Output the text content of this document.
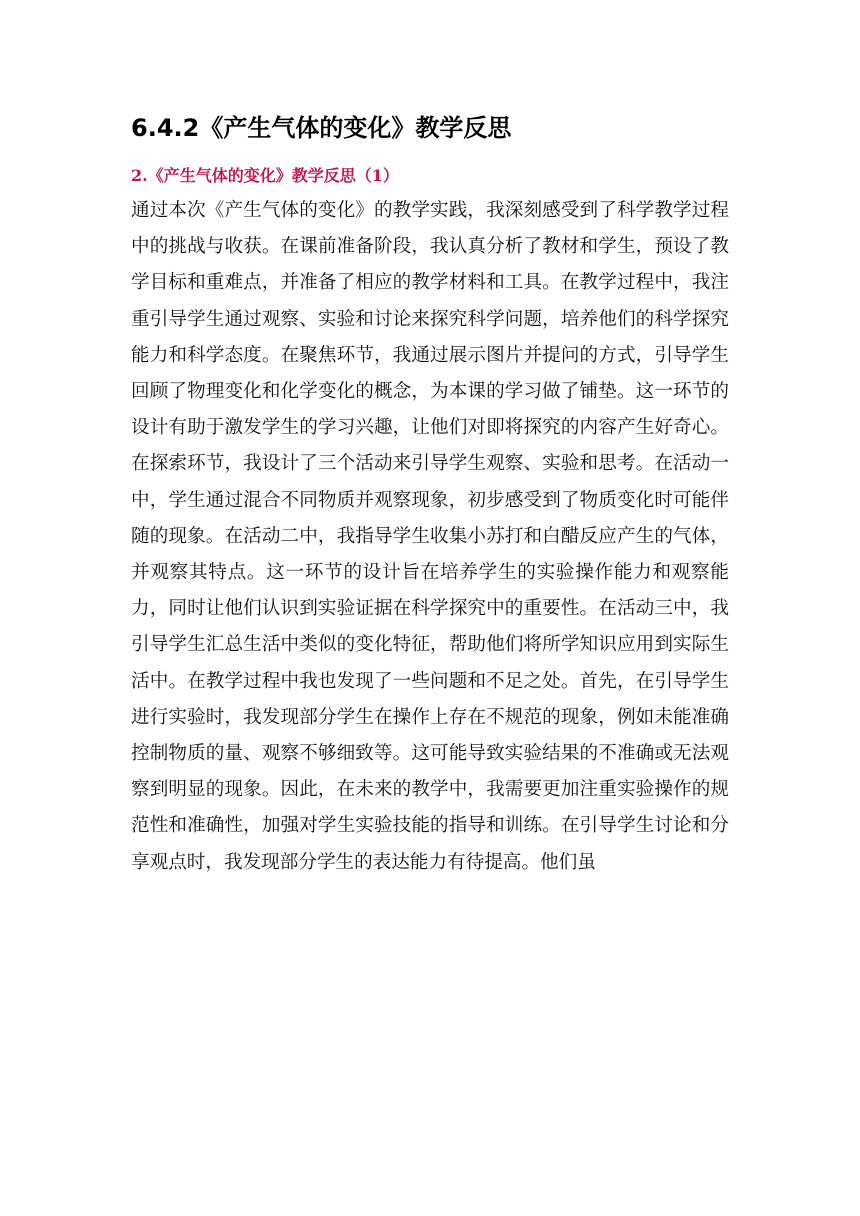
6.4.2《产生气体的变化》教学反思
2.《产生气体的变化》教学反思（1）

通过本次《产生气体的变化》的教学实践，我深刻感受到了科学教学过程中的挑战与收获。在课前准备阶段，我认真分析了教材和学生，预设了教学目标和重难点，并准备了相应的教学材料和工具。在教学过程中，我注重引导学生通过观察、实验和讨论来探究科学问题，培养他们的科学探究能力和科学态度。在聚焦环节，我通过展示图片并提问的方式，引导学生回顾了物理变化和化学变化的概念，为本课的学习做了铺垫。这一环节的设计有助于激发学生的学习兴趣，让他们对即将探究的内容产生好奇心。在探索环节，我设计了三个活动来引导学生观察、实验和思考。在活动一中，学生通过混合不同物质并观察现象，初步感受到了物质变化时可能伴随的现象。在活动二中，我指导学生收集小苏打和白醋反应产生的气体，并观察其特点。这一环节的设计旨在培养学生的实验操作能力和观察能力，同时让他们认识到实验证据在科学探究中的重要性。在活动三中，我引导学生汇总生活中类似的变化特征，帮助他们将所学知识应用到实际生活中。在教学过程中我也发现了一些问题和不足之处。首先，在引导学生进行实验时，我发现部分学生在操作上存在不规范的现象，例如未能准确控制物质的量、观察不够细致等。这可能导致实验结果的不准确或无法观察到明显的现象。因此，在未来的教学中，我需要更加注重实验操作的规范性和准确性，加强对学生实验技能的指导和训练。在引导学生讨论和分享观点时，我发现部分学生的表达能力有待提高。他们虽
